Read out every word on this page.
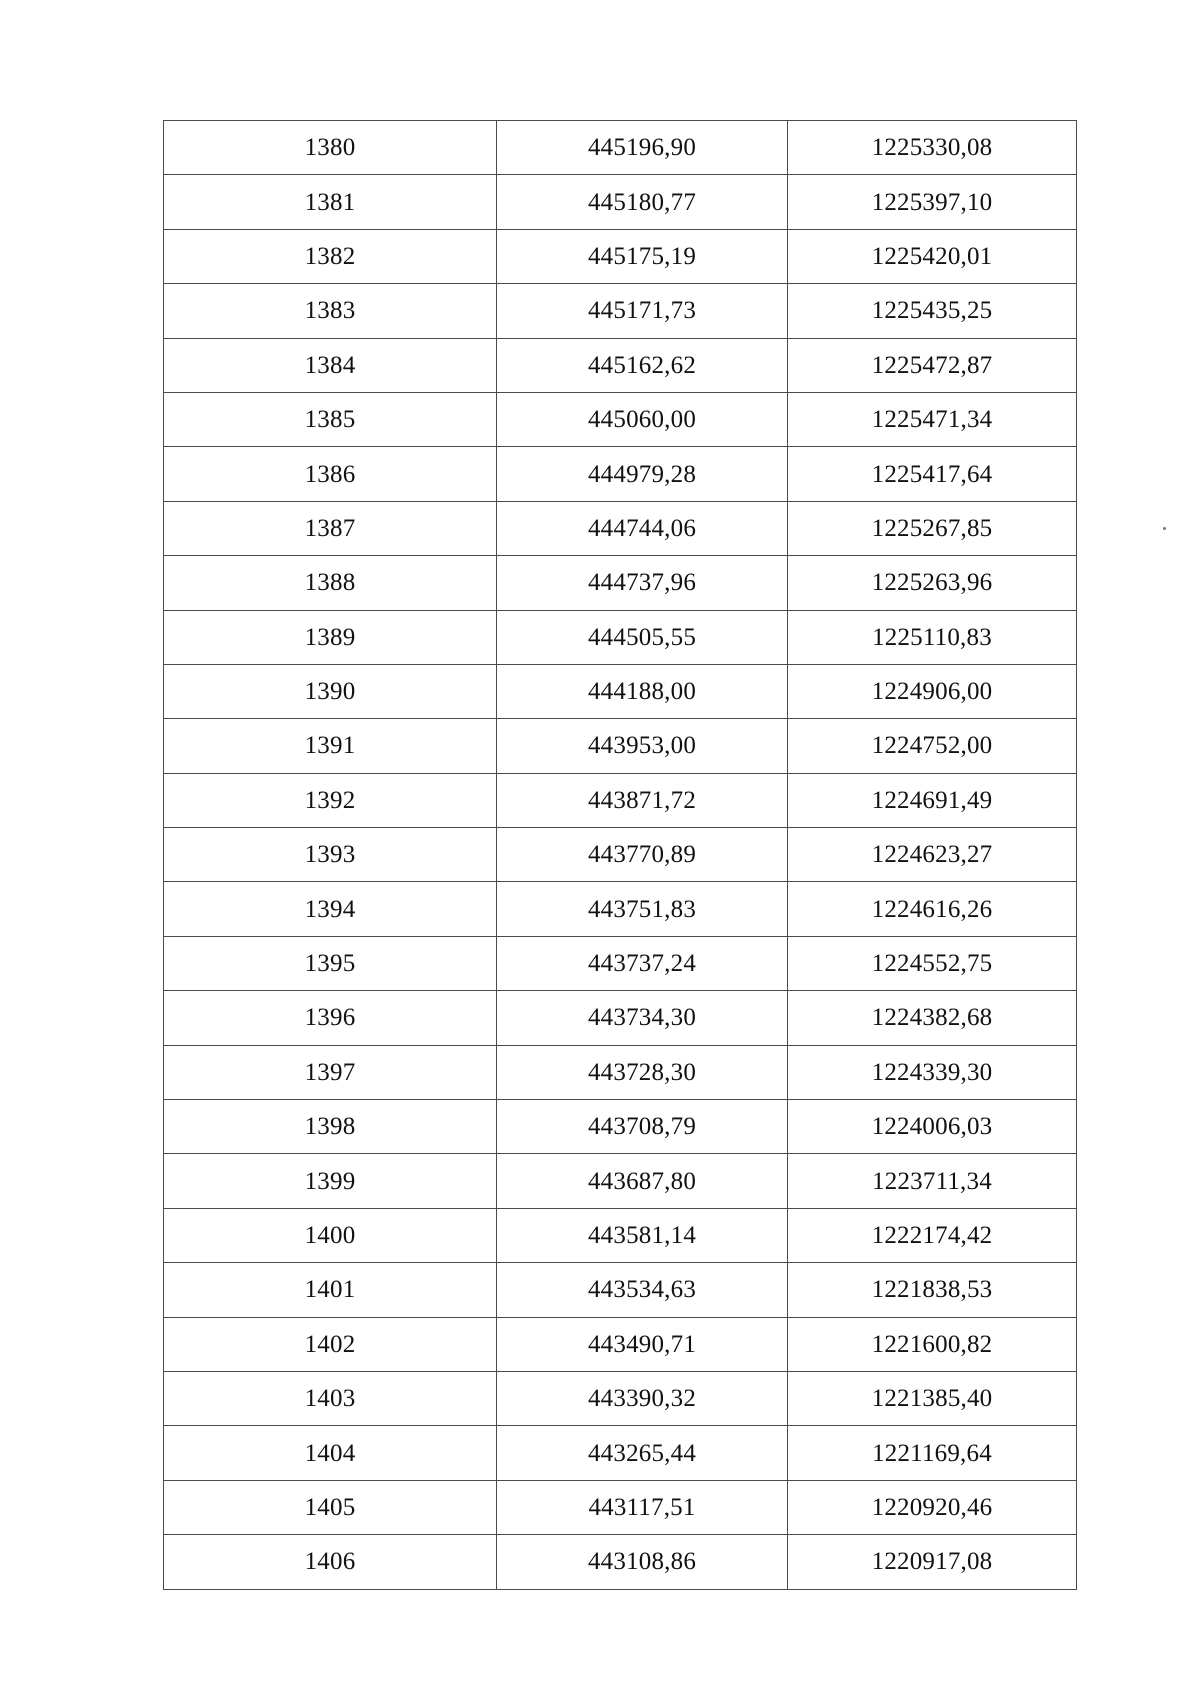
1380	445196,90	1225330,08
1381	445180,77	1225397,10
1382	445175,19	1225420,01
1383	445171,73	1225435,25
1384	445162,62	1225472,87
1385	445060,00	1225471,34
1386	444979,28	1225417,64
1387	444744,06	1225267,85
1388	444737,96	1225263,96
1389	444505,55	1225110,83
1390	444188,00	1224906,00
1391	443953,00	1224752,00
1392	443871,72	1224691,49
1393	443770,89	1224623,27
1394	443751,83	1224616,26
1395	443737,24	1224552,75
1396	443734,30	1224382,68
1397	443728,30	1224339,30
1398	443708,79	1224006,03
1399	443687,80	1223711,34
1400	443581,14	1222174,42
1401	443534,63	1221838,53
1402	443490,71	1221600,82
1403	443390,32	1221385,40
1404	443265,44	1221169,64
1405	443117,51	1220920,46
1406	443108,86	1220917,08
